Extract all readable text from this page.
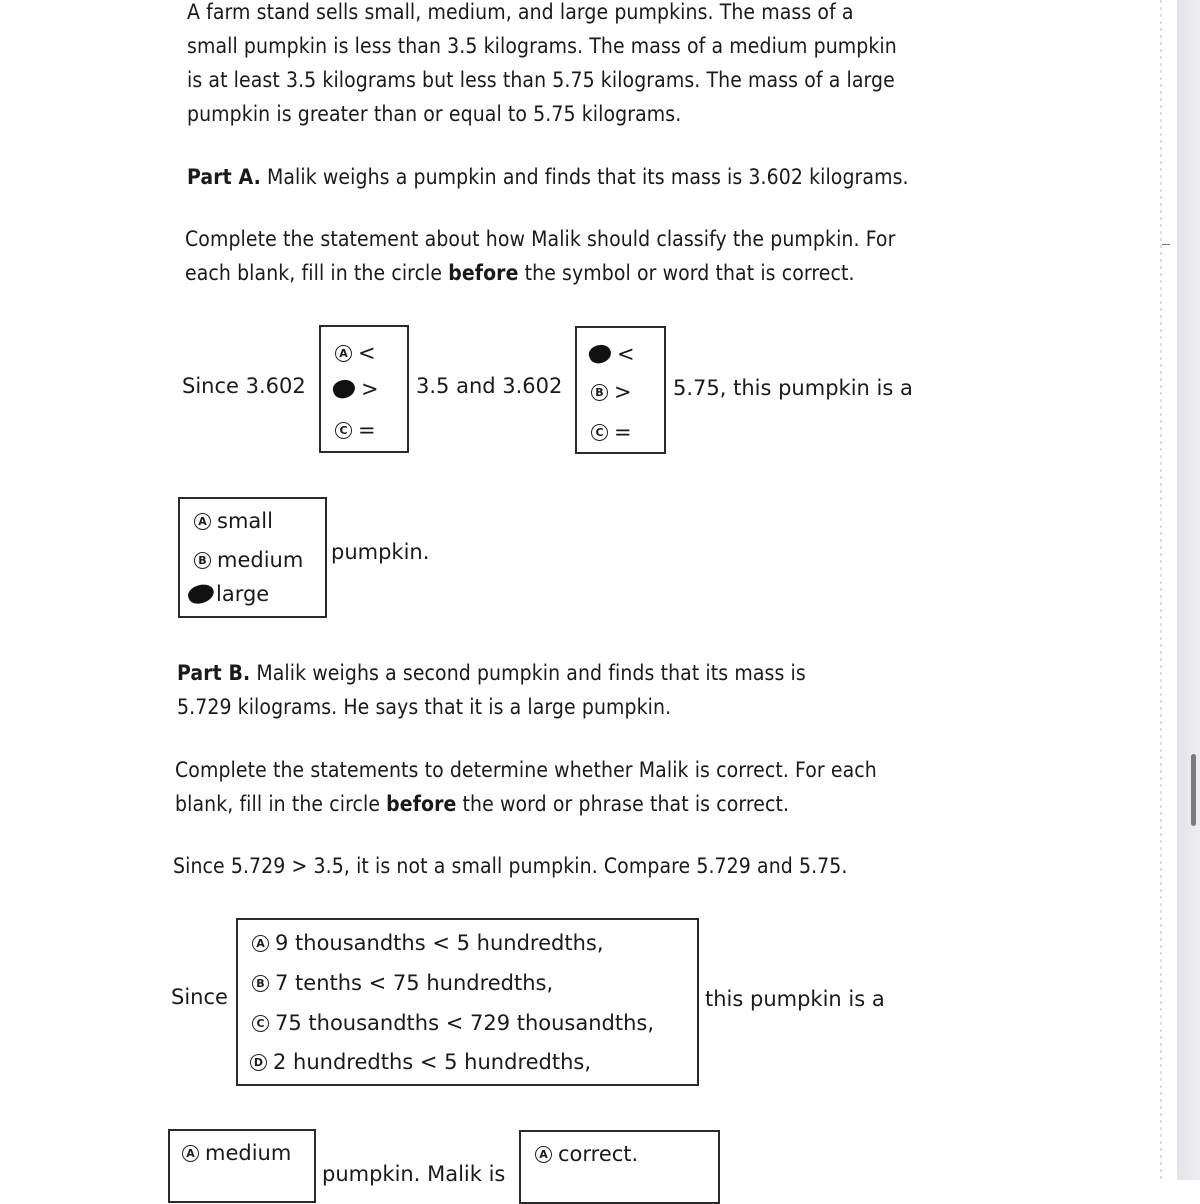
A farm stand sells small, medium, and large pumpkins. The mass of a
small pumpkin is less than 3.5 kilograms. The mass of a medium pumpkin
is at least 3.5 kilograms but less than 5.75 kilograms. The mass of a large
pumpkin is greater than or equal to 5.75 kilograms.
Part A. Malik weighs a pumpkin and finds that its mass is 3.602 kilograms.
Complete the statement about how Malik should classify the pumpkin. For
each blank, fill in the circle before the symbol or word that is correct.
Since 3.602
A <
B >
C =
3.5 and 3.602
A <
B >
C =
5.75, this pumpkin is a
A small
B medium
C large
pumpkin.
Part B. Malik weighs a second pumpkin and finds that its mass is
5.729 kilograms. He says that it is a large pumpkin.
Complete the statements to determine whether Malik is correct. For each
blank, fill in the circle before the word or phrase that is correct.
Since 5.729 > 3.5, it is not a small pumpkin. Compare 5.729 and 5.75.
Since
A 9 thousandths < 5 hundredths,
B 7 tenths < 75 hundredths,
C 75 thousandths < 729 thousandths,
D 2 hundredths < 5 hundredths,
this pumpkin is a
A medium
pumpkin. Malik is
A correct.
